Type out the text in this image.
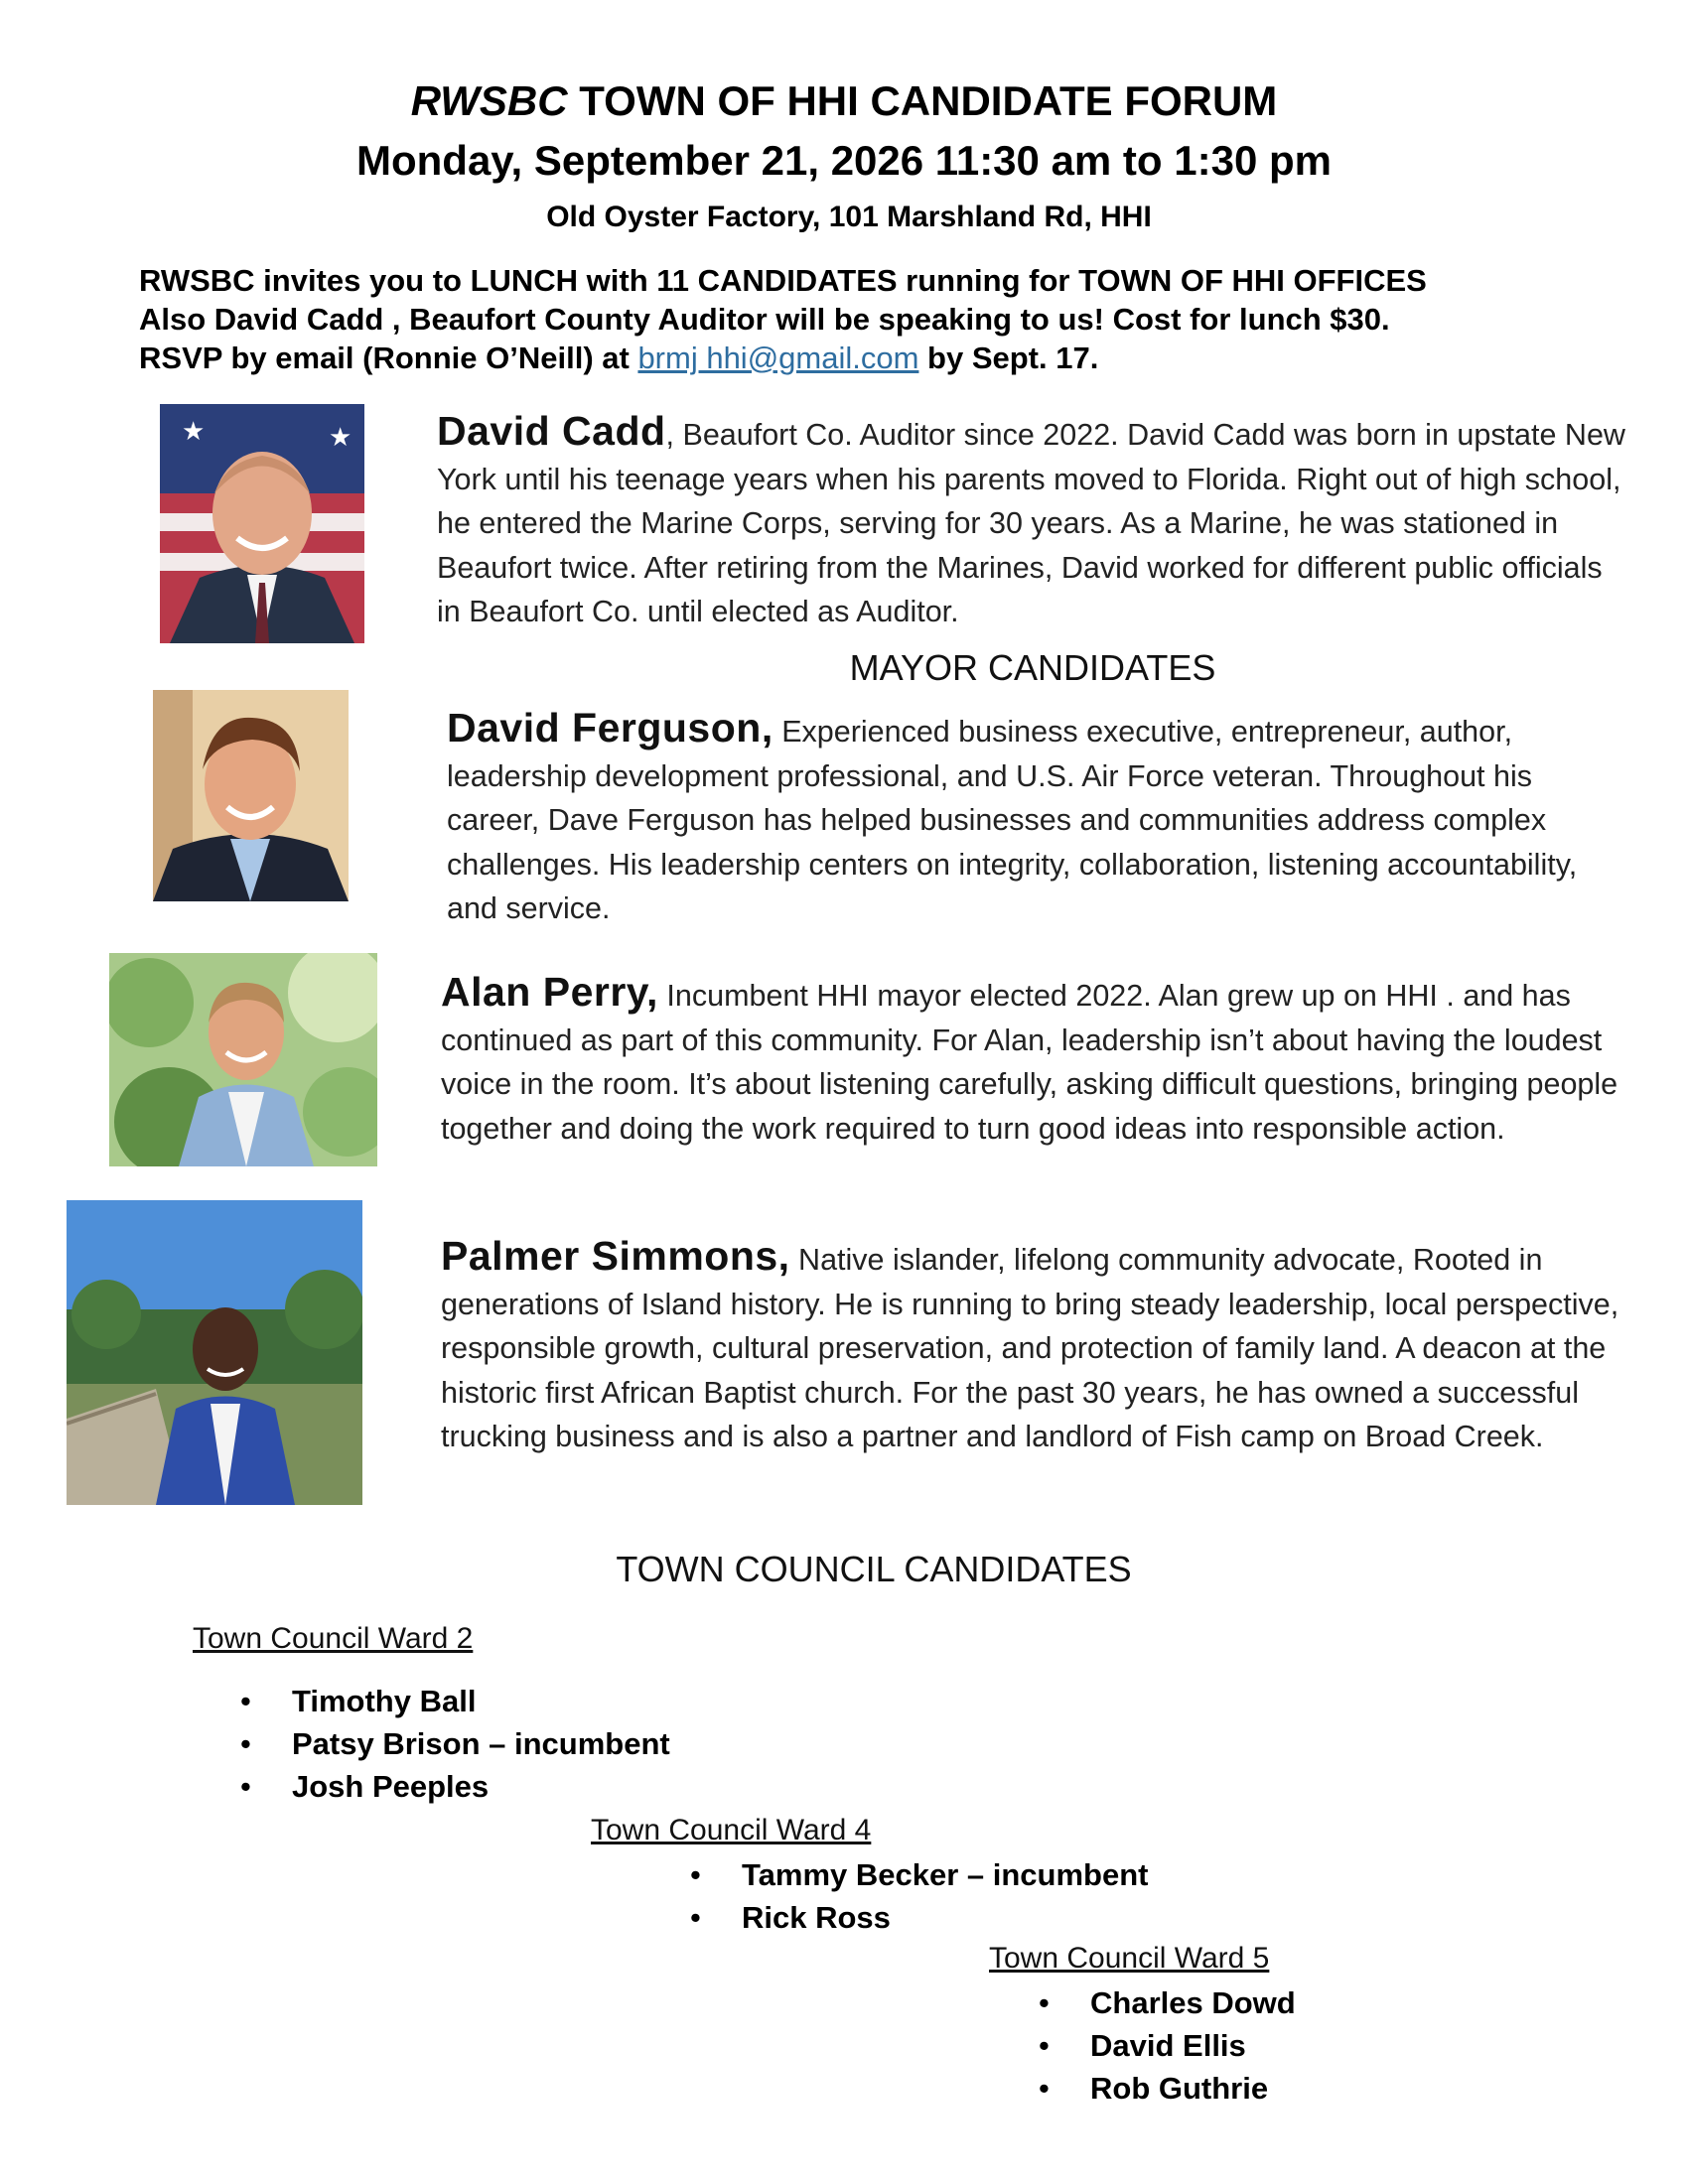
RWSBC TOWN OF HHI CANDIDATE FORUM
Monday, September 21, 2026 11:30 am to 1:30 pm
Old Oyster Factory, 101 Marshland Rd, HHI
RWSBC invites you to LUNCH with 11 CANDIDATES running for TOWN OF HHI OFFICES
Also David Cadd , Beaufort County Auditor will be speaking to us! Cost for lunch $30.
RSVP by email (Ronnie O’Neill) at brmj hhi@gmail.com by Sept. 17.
★	★ David Cadd, Beaufort Co. Auditor since 2022. David Cadd was born in upstate New York until his teenage years when his parents moved to Florida. Right out of high school, he entered the Marine Corps, serving for 30 years. As a Marine, he was stationed in Beaufort twice. After retiring from the Marines, David worked for different public officials in Beaufort Co. until elected as Auditor.
MAYOR CANDIDATES
David Ferguson, Experienced business executive, entrepreneur, author, leadership development professional, and U.S. Air Force veteran. Throughout his career, Dave Ferguson has helped businesses and communities address complex challenges. His leadership centers on integrity, collaboration, listening accountability, and service.
Alan Perry, Incumbent HHI mayor elected 2022. Alan grew up on HHI . and has continued as part of this community. For Alan, leadership isn’t about having the loudest voice in the room. It’s about listening carefully, asking difficult questions, bringing people together and doing the work required to turn good ideas into responsible action.
Palmer Simmons, Native islander, lifelong community advocate, Rooted in generations of Island history. He is running to bring steady leadership, local perspective, responsible growth, cultural preservation, and protection of family land. A deacon at the historic first African Baptist church. For the past 30 years, he has owned a successful trucking business and is also a partner and landlord of Fish camp on Broad Creek.
TOWN COUNCIL CANDIDATES
Town Council Ward 2
• Timothy Ball
• Patsy Brison – incumbent
• Josh Peeples
Town Council Ward 4
• Tammy Becker – incumbent
• Rick Ross
Town Council Ward 5
• Charles Dowd
• David Ellis
• Rob Guthrie
